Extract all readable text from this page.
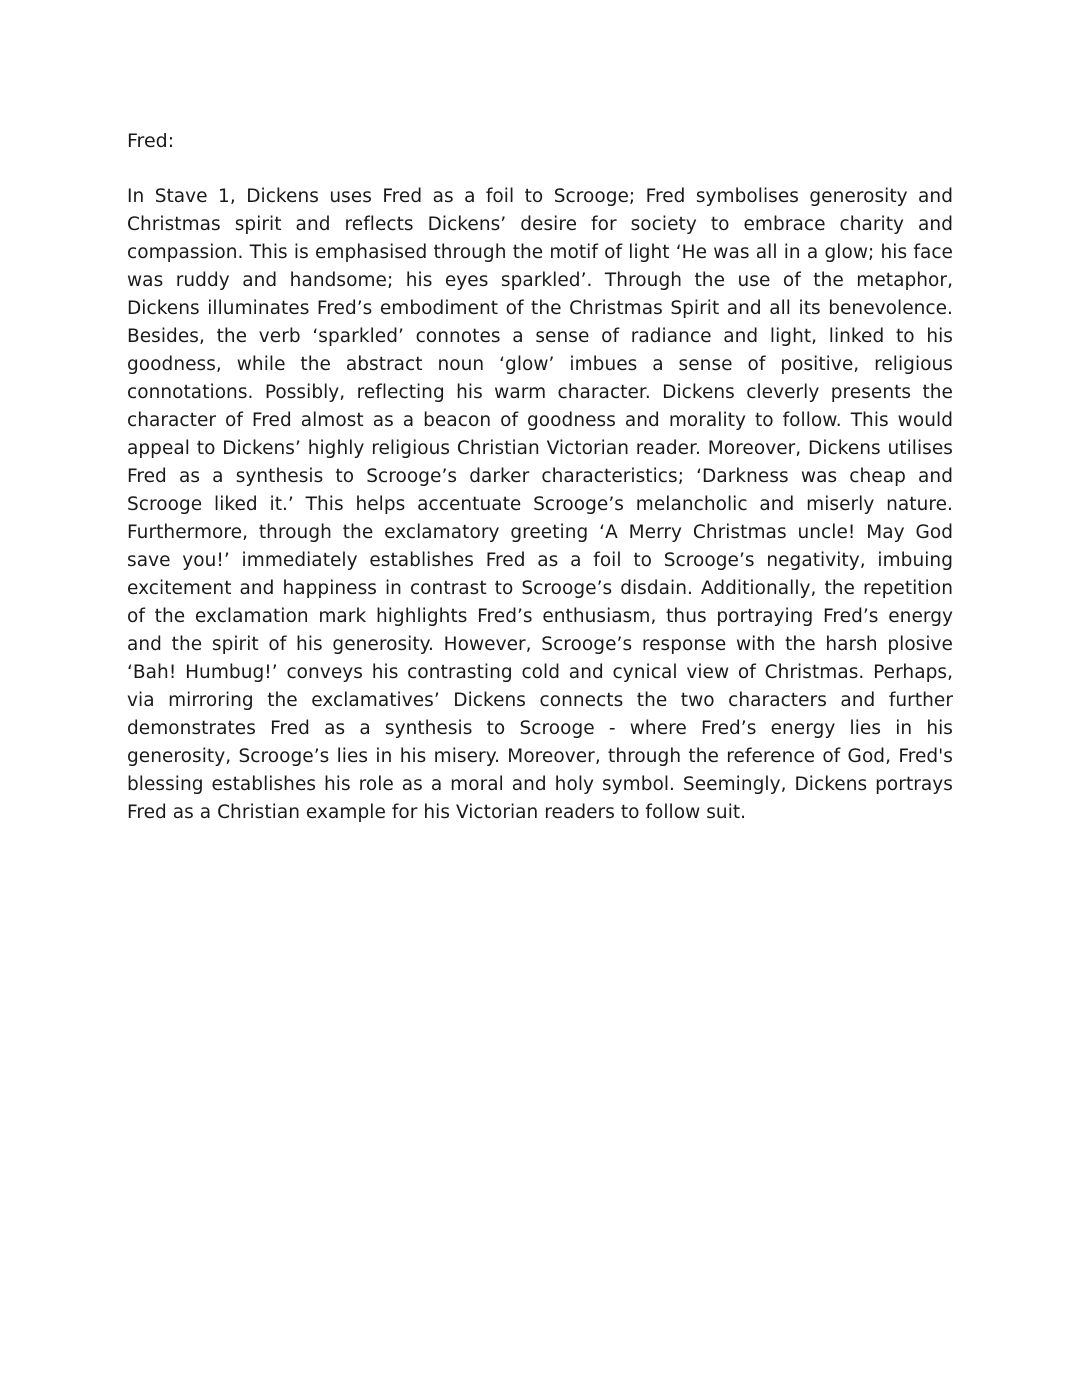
Fred:

In Stave 1, Dickens uses Fred as a foil to Scrooge; Fred symbolises generosity and Christmas spirit and reflects Dickens’ desire for society to embrace charity and compassion. This is emphasised through the motif of light ‘He was all in a glow; his face was ruddy and handsome; his eyes sparkled’. Through the use of the metaphor, Dickens illuminates Fred’s embodiment of the Christmas Spirit and all its benevolence. Besides, the verb ‘sparkled’ connotes a sense of radiance and light, linked to his goodness, while the abstract noun ‘glow’ imbues a sense of positive, religious connotations. Possibly, reflecting his warm character. Dickens cleverly presents the character of Fred almost as a beacon of goodness and morality to follow. This would appeal to Dickens’ highly religious Christian Victorian reader. Moreover, Dickens utilises Fred as a synthesis to Scrooge’s darker characteristics; ‘Darkness was cheap and Scrooge liked it.’ This helps accentuate Scrooge’s melancholic and miserly nature. Furthermore, through the exclamatory greeting ‘A Merry Christmas uncle! May God save you!’ immediately establishes Fred as a foil to Scrooge’s negativity, imbuing excitement and happiness in contrast to Scrooge’s disdain. Additionally, the repetition of the exclamation mark highlights Fred’s enthusiasm, thus portraying Fred’s energy and the spirit of his generosity. However, Scrooge’s response with the harsh plosive ‘Bah! Humbug!’ conveys his contrasting cold and cynical view of Christmas. Perhaps, via mirroring the exclamatives’ Dickens connects the two characters and further demonstrates Fred as a synthesis to Scrooge - where Fred’s energy lies in his generosity, Scrooge’s lies in his misery. Moreover, through the reference of God, Fred's blessing establishes his role as a moral and holy symbol. Seemingly, Dickens portrays Fred as a Christian example for his Victorian readers to follow suit.
